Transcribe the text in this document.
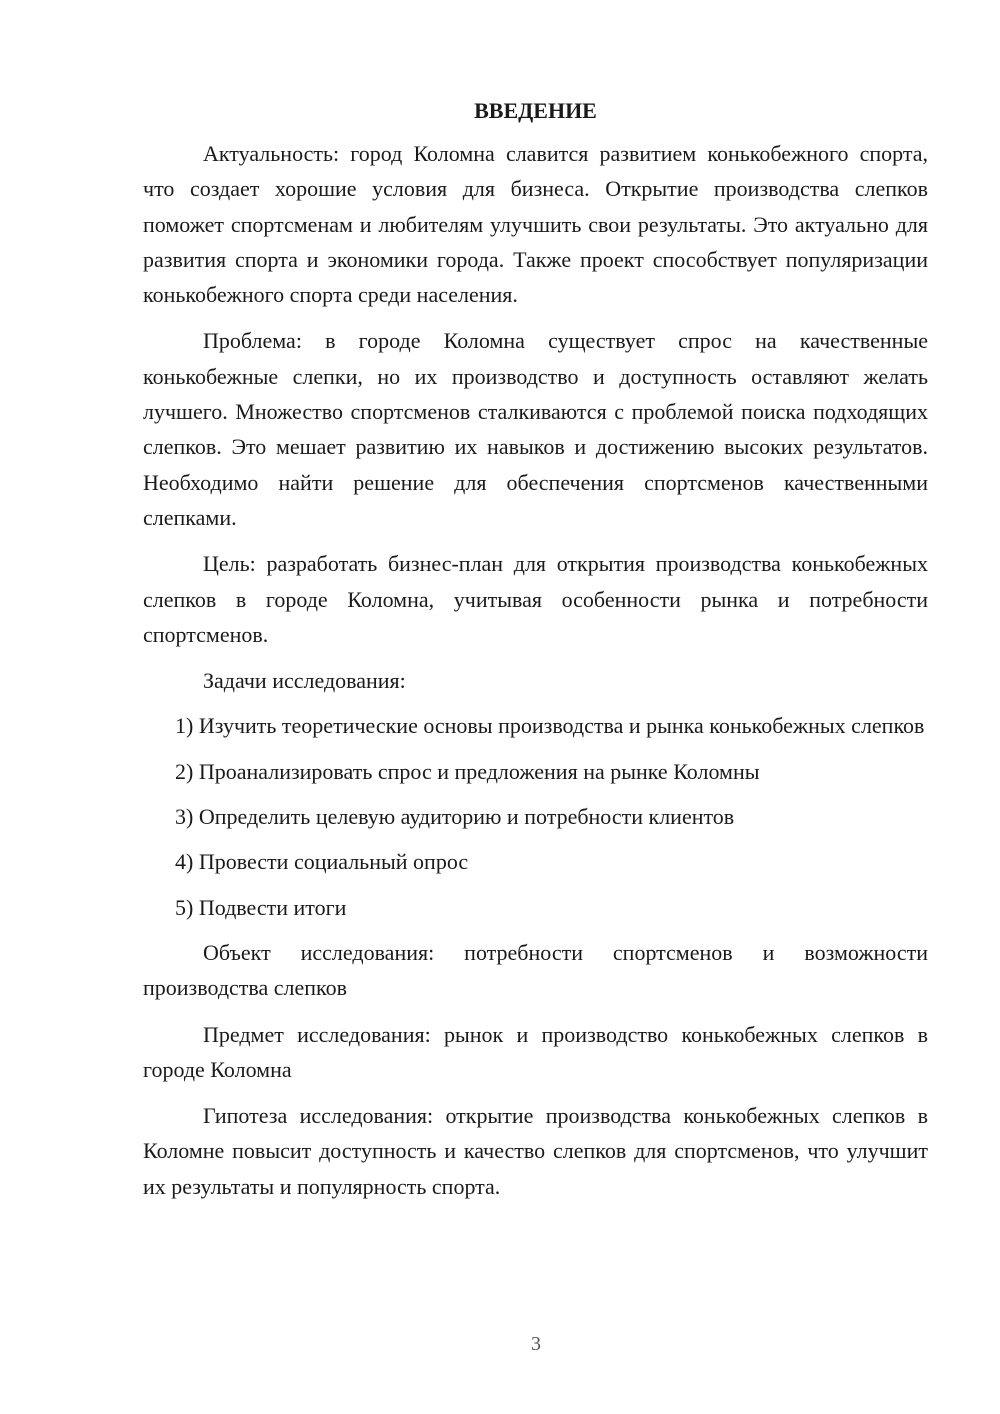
ВВЕДЕНИЕ

Актуальность: город Коломна славится развитием конькобежного спорта, что создает хорошие условия для бизнеса. Открытие производства слепков поможет спортсменам и любителям улучшить свои результаты. Это актуально для развития спорта и экономики города. Также проект способствует популяризации конькобежного спорта среди населения.

Проблема: в городе Коломна существует спрос на качественные конькобежные слепки, но их производство и доступность оставляют желать лучшего. Множество спортсменов сталкиваются с проблемой поиска подходящих слепков. Это мешает развитию их навыков и достижению высоких результатов. Необходимо найти решение для обеспечения спортсменов качественными слепками.

Цель: разработать бизнес-план для открытия производства конькобежных слепков в городе Коломна, учитывая особенности рынка и потребности спортсменов.

Задачи исследования:

1) Изучить теоретические основы производства и рынка конькобежных слепков

2) Проанализировать спрос и предложения на рынке Коломны

3) Определить целевую аудиторию и потребности клиентов

4) Провести социальный опрос

5) Подвести итоги

Объект исследования: потребности спортсменов и возможности производства слепков

Предмет исследования: рынок и производство конькобежных слепков в городе Коломна

Гипотеза исследования: открытие производства конькобежных слепков в Коломне повысит доступность и качество слепков для спортсменов, что улучшит их результаты и популярность спорта.

3
